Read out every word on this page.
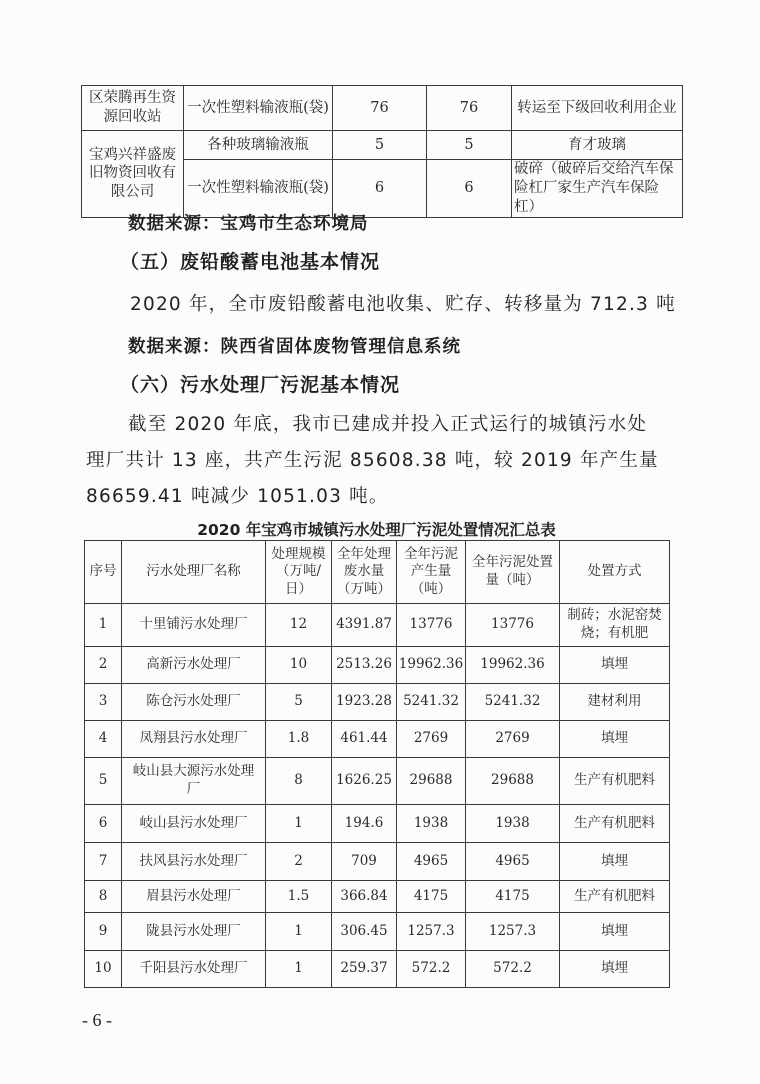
区荣腾再生资源回收站	一次性塑料输液瓶(袋)	76	76	转运至下级回收利用企业
宝鸡兴祥盛废旧物资回收有限公司	各种玻璃输液瓶	5	5	育才玻璃
	一次性塑料输液瓶(袋)	6	6	破碎（破碎后交给汽车保险杠厂家生产汽车保险杠）
数据来源：宝鸡市生态环境局
（五）废铅酸蓄电池基本情况
2020 年，全市废铅酸蓄电池收集、贮存、转移量为 712.3 吨
数据来源：陕西省固体废物管理信息系统
（六）污水处理厂污泥基本情况
截至 2020 年底，我市已建成并投入正式运行的城镇污水处
理厂共计 13 座，共产生污泥 85608.38 吨，较 2019 年产生量
86659.41 吨减少 1051.03 吨。
2020 年宝鸡市城镇污水处理厂污泥处置情况汇总表
序号	污水处理厂名称	处理规模（万吨/日）	全年处理废水量（万吨）	全年污泥产生量（吨）	全年污泥处置量（吨）	处置方式
1	十里铺污水处理厂	12	4391.87	13776	13776	制砖；水泥窑焚烧；有机肥
2	高新污水处理厂	10	2513.26	19962.36	19962.36	填埋
3	陈仓污水处理厂	5	1923.28	5241.32	5241.32	建材利用
4	凤翔县污水处理厂	1.8	461.44	2769	2769	填埋
5	岐山县大源污水处理厂	8	1626.25	29688	29688	生产有机肥料
6	岐山县污水处理厂	1	194.6	1938	1938	生产有机肥料
7	扶风县污水处理厂	2	709	4965	4965	填埋
8	眉县污水处理厂	1.5	366.84	4175	4175	生产有机肥料
9	陇县污水处理厂	1	306.45	1257.3	1257.3	填埋
10	千阳县污水处理厂	1	259.37	572.2	572.2	填埋
- 6 -
